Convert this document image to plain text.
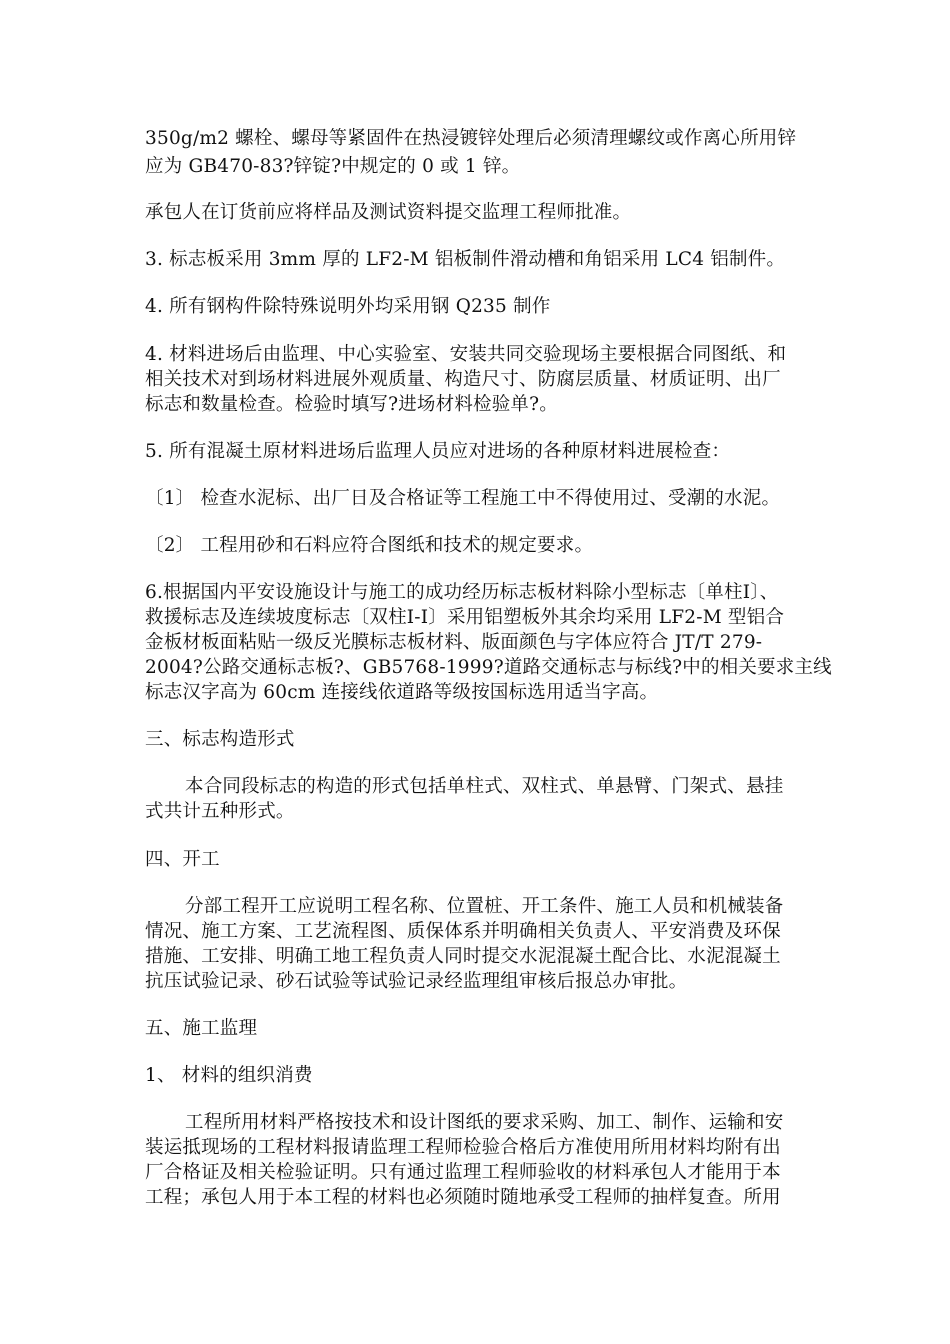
350g/m2 螺栓、螺母等紧固件在热浸镀锌处理后必须清理螺纹或作离心所用锌
应为 GB470-83?锌锭?中规定的 0 或 1 锌。
承包人在订货前应将样品及测试资料提交监理工程师批准。
3. 标志板采用 3mm 厚的 LF2-M 铝板制件滑动槽和角铝采用 LC4 铝制件。
4. 所有钢构件除特殊说明外均采用钢 Q235 制作
4. 材料进场后由监理、中心实验室、安装共同交验现场主要根据合同图纸、和
相关技术对到场材料进展外观质量、构造尺寸、防腐层质量、材质证明、出厂
标志和数量检查。检验时填写?进场材料检验单?。
5. 所有混凝土原材料进场后监理人员应对进场的各种原材料进展检查：
〔1〕 检查水泥标、出厂日及合格证等工程施工中不得使用过、受潮的水泥。
〔2〕 工程用砂和石料应符合图纸和技术的规定要求。
6.根据国内平安设施设计与施工的成功经历标志板材料除小型标志〔单柱Ⅰ〕、
救援标志及连续坡度标志〔双柱Ⅰ-Ⅰ〕采用铝塑板外其余均采用 LF2-M 型铝合
金板材板面粘贴一级反光膜标志板材料、版面颜色与字体应符合 JT/T 279-
2004?公路交通标志板?、GB5768-1999?道路交通标志与标线?中的相关要求主线
标志汉字高为 60cm 连接线依道路等级按国标选用适当字高。
三、标志构造形式
本合同段标志的构造的形式包括单柱式、双柱式、单悬臂、门架式、悬挂
式共计五种形式。
四、开工
分部工程开工应说明工程名称、位置桩、开工条件、施工人员和机械装备
情况、施工方案、工艺流程图、质保体系并明确相关负责人、平安消费及环保
措施、工安排、明确工地工程负责人同时提交水泥混凝土配合比、水泥混凝土
抗压试验记录、砂石试验等试验记录经监理组审核后报总办审批。
五、施工监理
1、 材料的组织消费
工程所用材料严格按技术和设计图纸的要求采购、加工、制作、运输和安
装运抵现场的工程材料报请监理工程师检验合格后方准使用所用材料均附有出
厂合格证及相关检验证明。只有通过监理工程师验收的材料承包人才能用于本
工程；承包人用于本工程的材料也必须随时随地承受工程师的抽样复查。所用
